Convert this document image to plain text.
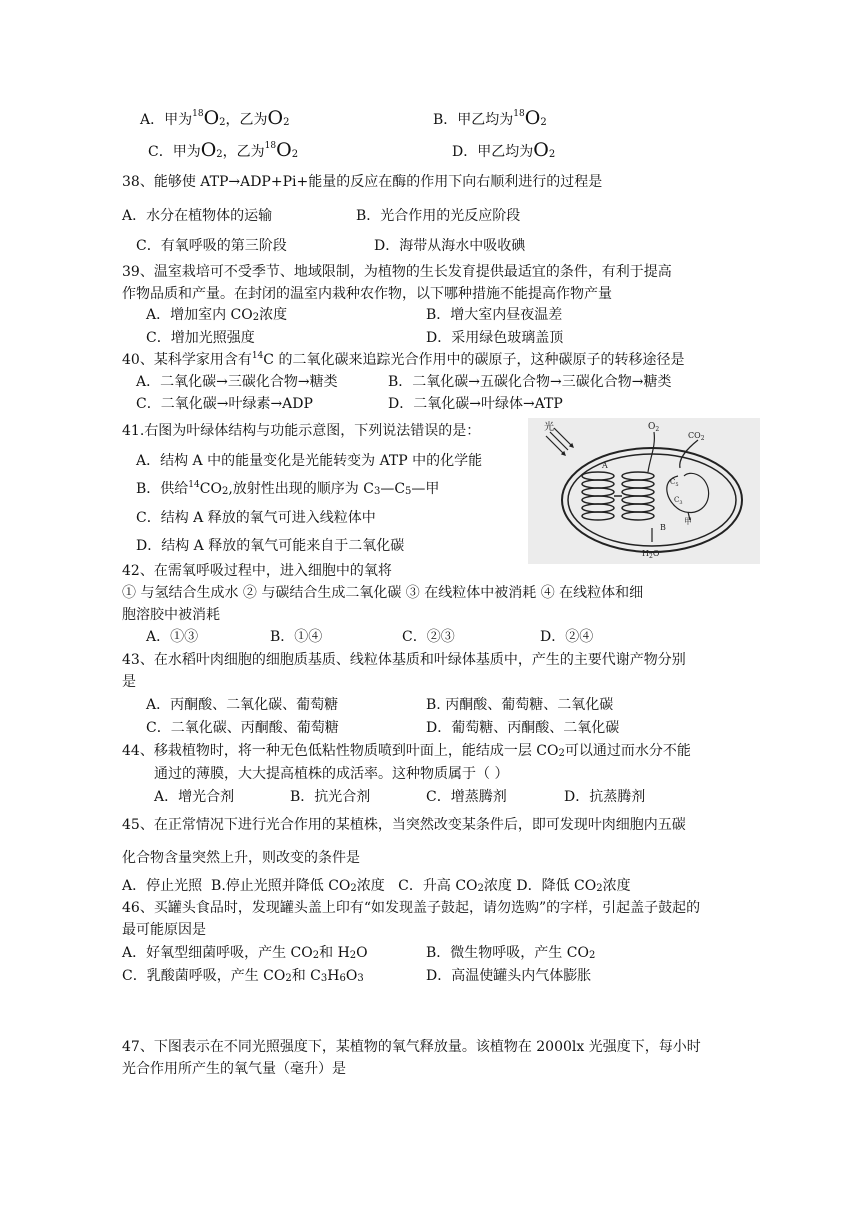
A．甲为$^{18}O_2$，乙为$O_2$	B．甲乙均为$^{18}O_2$
C．甲为$O_2$，乙为$^{18}O_2$	D．甲乙均为$O_2$
38、能够使 ATP→ADP+Pi+能量的反应在酶的作用下向右顺利进行的过程是
A．水分在植物体的运输	B．光合作用的光反应阶段
C．有氧呼吸的第三阶段	D．海带从海水中吸收碘
39、温室栽培可不受季节、地域限制，为植物的生长发育提供最适宜的条件，有利于提高
作物品质和产量。在封闭的温室内栽种农作物，以下哪种措施不能提高作物产量
A．增加室内 $CO_2$浓度	B．增大室内昼夜温差
C．增加光照强度	D．采用绿色玻璃盖顶
40、某科学家用含有$^{14}$C 的二氧化碳来追踪光合作用中的碳原子，这种碳原子的转移途径是
A．二氧化碳→三碳化合物→糖类	B．二氧化碳→五碳化合物→三碳化合物→糖类
C．二氧化碳→叶绿素→ADP	D．二氧化碳→叶绿体→ATP
41.右图为叶绿体结构与功能示意图，下列说法错误的是：
A．结构 A 中的能量变化是光能转变为 ATP 中的化学能
B．供给$^{14}CO_2$,放射性出现的顺序为 $C_3—C_5—$甲
C．结构 A 释放的氧气可进入线粒体中
D．结构 A 释放的氧气可能来自于二氧化碳
光	$O_2$
$CO_2$
A
B
$C_5$
$C_3$
甲
$H_2O$
42、在需氧呼吸过程中，进入细胞中的氧将
① 与氢结合生成水 ② 与碳结合生成二氧化碳 ③ 在线粒体中被消耗 ④ 在线粒体和细
胞溶胶中被消耗
A．①③	B．①④	C．②③	D．②④
43、在水稻叶肉细胞的细胞质基质、线粒体基质和叶绿体基质中，产生的主要代谢产物分别
是
A．丙酮酸、二氧化碳、葡萄糖	B. 丙酮酸、葡萄糖、二氧化碳
C．二氧化碳、丙酮酸、葡萄糖	D．葡萄糖、丙酮酸、二氧化碳
44、移栽植物时，将一种无色低粘性物质喷到叶面上，能结成一层 $CO_2$可以通过而水分不能
通过的薄膜，大大提高植株的成活率。这种物质属于（ ）
A．增光合剂	B．抗光合剂	C．增蒸腾剂	D．抗蒸腾剂
45、在正常情况下进行光合作用的某植株，当突然改变某条件后，即可发现叶肉细胞内五碳
化合物含量突然上升，则改变的条件是
A．停止光照 B.停止光照并降低 $CO_2$浓度 C．升高 $CO_2$浓度 D．降低 $CO_2$浓度
46、买罐头食品时，发现罐头盖上印有“如发现盖子鼓起，请勿选购”的字样，引起盖子鼓起的
最可能原因是
A．好氧型细菌呼吸，产生 $CO_2$和 $H_2O$	B．微生物呼吸，产生 $CO_2$
C．乳酸菌呼吸，产生 $CO_2$和 $C_3H_6O_3$	D．高温使罐头内气体膨胀
47、下图表示在不同光照强度下，某植物的氧气释放量。该植物在 2000lx 光强度下，每小时
光合作用所产生的氧气量（毫升）是
